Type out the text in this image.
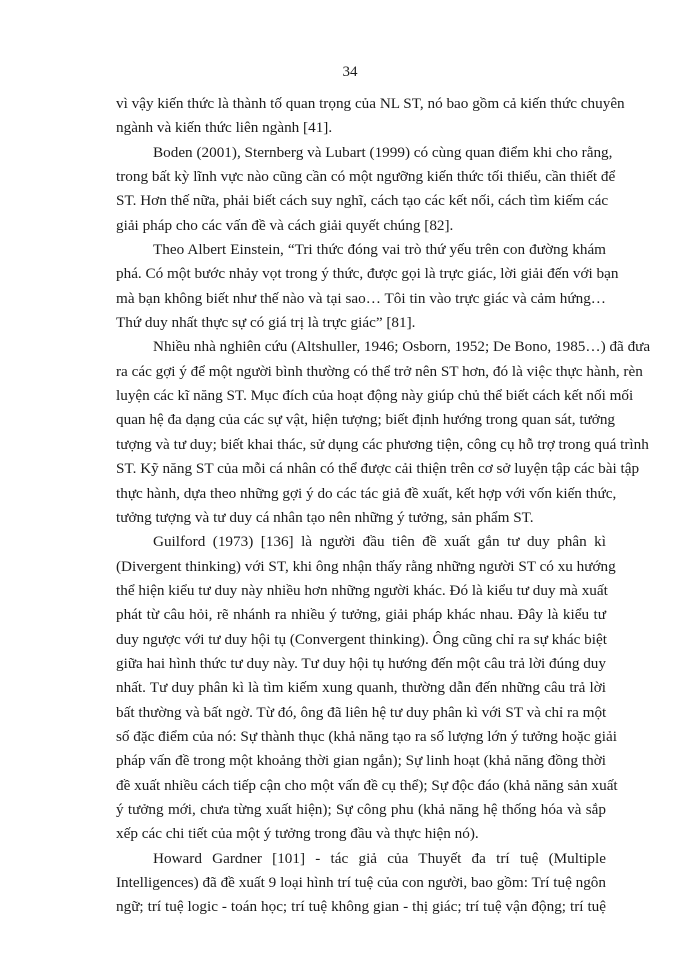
34
vì vậy kiến thức là thành tố quan trọng của NL ST, nó bao gồm cả kiến thức chuyên
ngành và kiến thức liên ngành [41].
Boden (2001), Sternberg và Lubart (1999) có cùng quan điểm khi cho rằng,
trong bất kỳ lĩnh vực nào cũng cần có một ngưỡng kiến thức tối thiểu, cần thiết để
ST. Hơn thế nữa, phải biết cách suy nghĩ, cách tạo các kết nối, cách tìm kiếm các
giải pháp cho các vấn đề và cách giải quyết chúng [82].
Theo Albert Einstein, “Tri thức đóng vai trò thứ yếu trên con đường khám
phá. Có một bước nhảy vọt trong ý thức, được gọi là trực giác, lời giải đến với bạn
mà bạn không biết như thế nào và tại sao… Tôi tin vào trực giác và cảm hứng…
Thứ duy nhất thực sự có giá trị là trực giác” [81].
Nhiều nhà nghiên cứu (Altshuller, 1946; Osborn, 1952; De Bono, 1985…) đã đưa
ra các gợi ý để một người bình thường có thể trở nên ST hơn, đó là việc thực hành, rèn
luyện các kĩ năng ST. Mục đích của hoạt động này giúp chủ thể biết cách kết nối mối
quan hệ đa dạng của các sự vật, hiện tượng; biết định hướng trong quan sát, tưởng
tượng và tư duy; biết khai thác, sử dụng các phương tiện, công cụ hỗ trợ trong quá trình
ST. Kỹ năng ST của mỗi cá nhân có thể được cải thiện trên cơ sở luyện tập các bài tập
thực hành, dựa theo những gợi ý do các tác giả đề xuất, kết hợp với vốn kiến thức,
tưởng tượng và tư duy cá nhân tạo nên những ý tưởng, sản phẩm ST.
Guilford (1973) [136] là người đầu tiên đề xuất gắn tư duy phân kì
(Divergent thinking) với ST, khi ông nhận thấy rằng những người ST có xu hướng
thể hiện kiểu tư duy này nhiều hơn những người khác. Đó là kiểu tư duy mà xuất
phát từ câu hỏi, rẽ nhánh ra nhiều ý tưởng, giải pháp khác nhau. Đây là kiểu tư
duy ngược với tư duy hội tụ (Convergent thinking). Ông cũng chỉ ra sự khác biệt
giữa hai hình thức tư duy này. Tư duy hội tụ hướng đến một câu trả lời đúng duy
nhất. Tư duy phân kì là tìm kiếm xung quanh, thường dẫn đến những câu trả lời
bất thường và bất ngờ. Từ đó, ông đã liên hệ tư duy phân kì với ST và chỉ ra một
số đặc điểm của nó: Sự thành thục (khả năng tạo ra số lượng lớn ý tưởng hoặc giải
pháp vấn đề trong một khoảng thời gian ngắn); Sự linh hoạt (khả năng đồng thời
đề xuất nhiều cách tiếp cận cho một vấn đề cụ thể); Sự độc đáo (khả năng sản xuất
ý tưởng mới, chưa từng xuất hiện); Sự công phu (khả năng hệ thống hóa và sắp
xếp các chi tiết của một ý tưởng trong đầu và thực hiện nó).
Howard Gardner [101] - tác giả của Thuyết đa trí tuệ (Multiple
Intelligences) đã đề xuất 9 loại hình trí tuệ của con người, bao gồm: Trí tuệ ngôn
ngữ; trí tuệ logic - toán học; trí tuệ không gian - thị giác; trí tuệ vận động; trí tuệ
